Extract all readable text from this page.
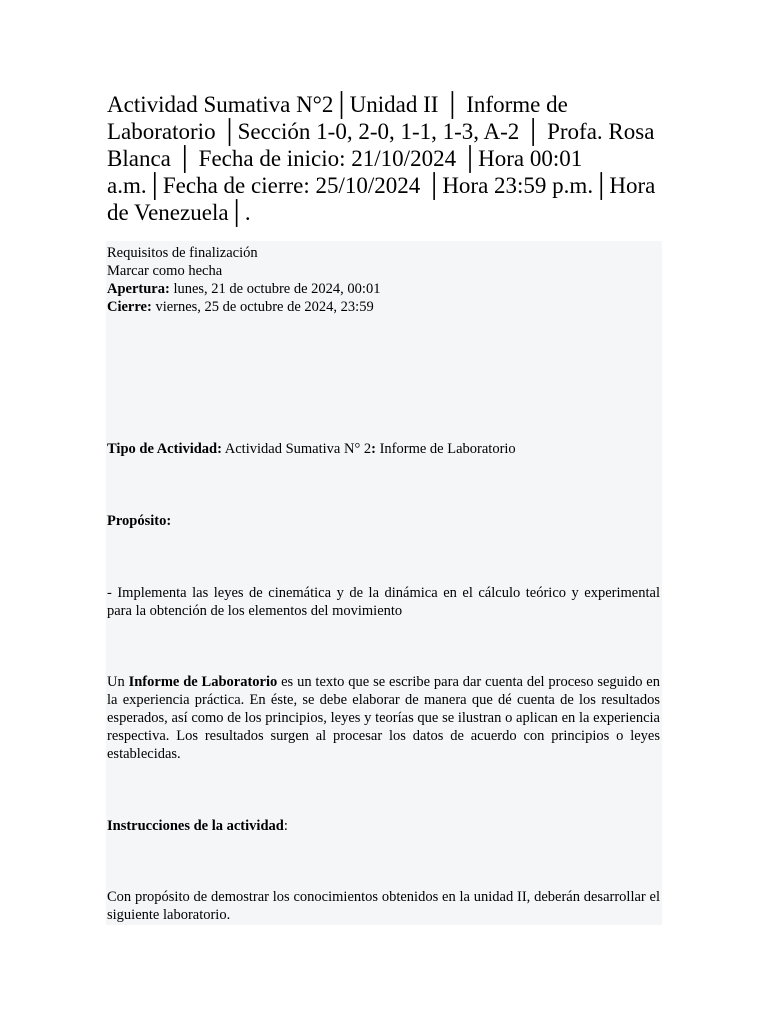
Actividad Sumativa N°2│Unidad II │ Informe de Laboratorio │Sección 1-0, 2-0, 1-1, 1-3, A-2 │ Profa. Rosa Blanca │ Fecha de inicio: 21/10/2024 │Hora 00:01 a.m.│Fecha de cierre: 25/10/2024 │Hora 23:59 p.m.│Hora de Venezuela│.
Requisitos de finalización
Marcar como hecha
Apertura: lunes, 21 de octubre de 2024, 00:01
Cierre: viernes, 25 de octubre de 2024, 23:59

Tipo de Actividad: Actividad Sumativa N° 2: Informe de Laboratorio

Propósito:

- Implementa las leyes de cinemática y de la dinámica en el cálculo teórico y experimental para la obtención de los elementos del movimiento

Un Informe de Laboratorio es un texto que se escribe para dar cuenta del proceso seguido en la experiencia práctica. En éste, se debe elaborar de manera que dé cuenta de los resultados esperados, así como de los principios, leyes y teorías que se ilustran o aplican en la experiencia respectiva. Los resultados surgen al procesar los datos de acuerdo con principios o leyes establecidas.

Instrucciones de la actividad:

Con propósito de demostrar los conocimientos obtenidos en la unidad II, deberán desarrollar el siguiente laboratorio.
